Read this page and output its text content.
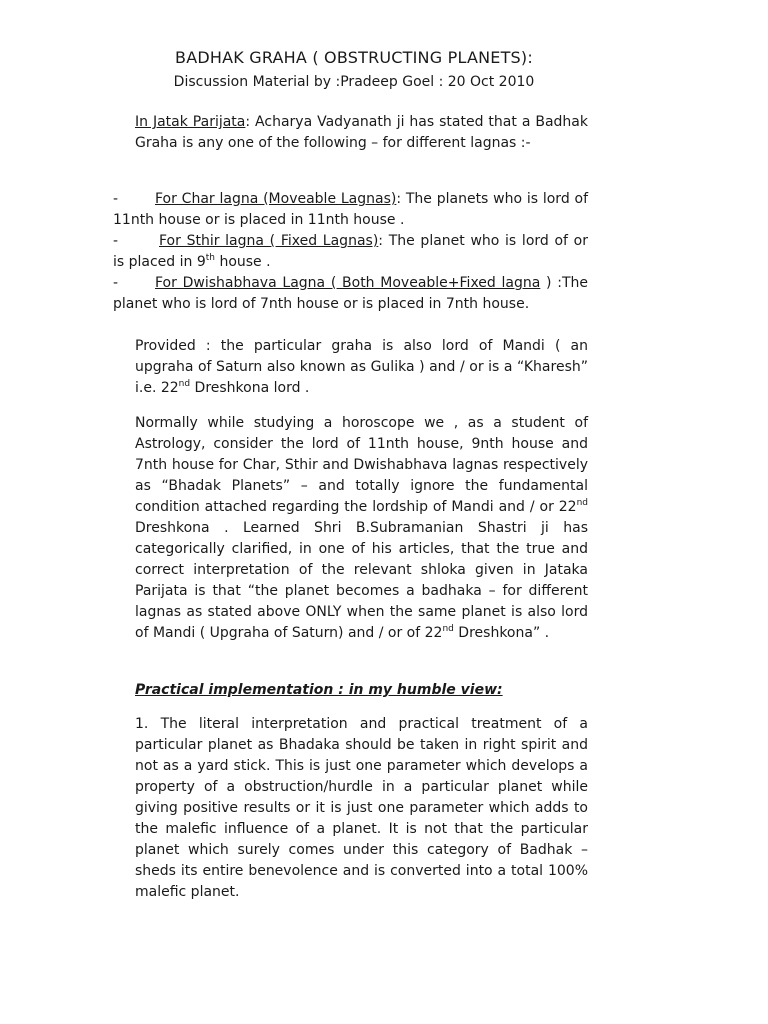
BADHAK GRAHA ( OBSTRUCTING PLANETS):
Discussion Material by :Pradeep Goel : 20 Oct 2010

In Jatak Parijata: Acharya Vadyanath ji has stated that a Badhak Graha is any one of the following – for different lagnas :-

-	For Char lagna (Moveable Lagnas): The planets who is lord of 11nth house or is placed in 11nth house .

-	For Sthir lagna ( Fixed Lagnas): The planet who is lord of or is placed in 9th house .

-	For Dwishabhava Lagna ( Both Moveable+Fixed lagna ) :The planet who is lord of 7nth house or is placed in 7nth house.

Provided : the particular graha is also lord of Mandi ( an upgraha of Saturn also known as Gulika ) and / or is a “Kharesh” i.e. 22nd Dreshkona lord .

Normally while studying a horoscope we , as a student of Astrology, consider the lord of 11nth house, 9nth house and 7nth house for Char, Sthir and Dwishabhava lagnas respectively as “Bhadak Planets” – and totally ignore the fundamental condition attached regarding the lordship of Mandi and / or 22nd Dreshkona . Learned Shri B.Subramanian Shastri ji has categorically clarified, in one of his articles, that the true and correct interpretation of the relevant shloka given in Jataka Parijata is that “the planet becomes a badhaka – for different lagnas as stated above ONLY when the same planet is also lord of Mandi ( Upgraha of Saturn) and / or of 22nd Dreshkona” .

Practical implementation : in my humble view:

1. The literal interpretation and practical treatment of a particular planet as Bhadaka should be taken in right spirit and not as a yard stick. This is just one parameter which develops a property of a obstruction/hurdle in a particular planet while giving positive results or it is just one parameter which adds to the malefic influence of a planet. It is not that the particular planet which surely comes under this category of Badhak – sheds its entire benevolence and is converted into a total 100% malefic planet.
